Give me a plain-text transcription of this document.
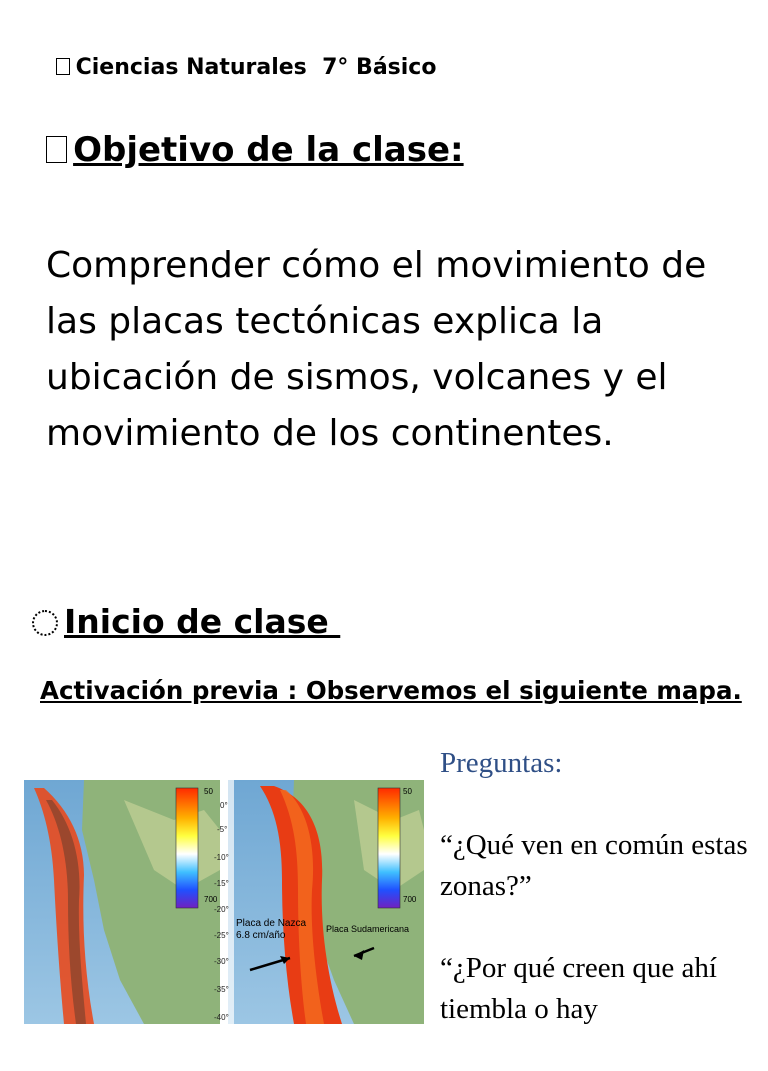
Ciencias Naturales  7° Básico
Objetivo de la clase:
Comprender cómo el movimiento de las placas tectónicas explica la ubicación de sismos, volcanes y el movimiento de los continentes.
Inicio de clase
Activación previa : Observemos el siguiente mapa.
50
700
50
700
Placa de Nazca
6.8 cm/año
Placa Sudamericana
0°
-5°
-10°
-15°
-20°
-25°
-30°
-35°
-40°
Preguntas:
“¿Qué ven en común estas zonas?”
“¿Por qué creen que ahí tiembla o hay
